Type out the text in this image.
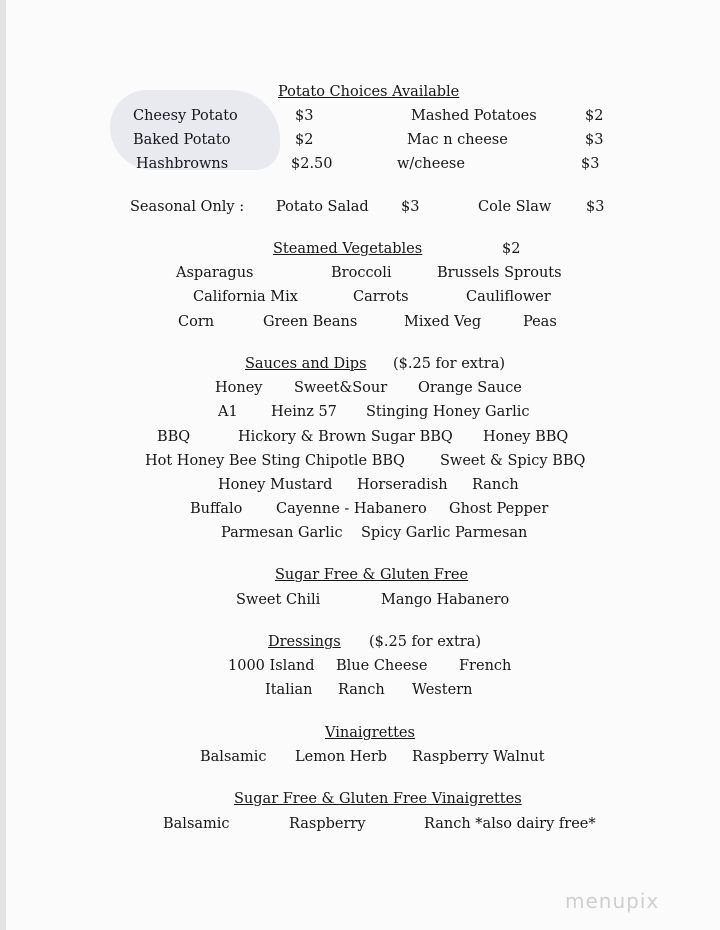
menupix
Potato Choices Available
Cheesy Potato	$3	Mashed Potatoes	$2
Baked Potato	$2	Mac n cheese	$3
Hashbrowns	$2.50	w/cheese	$3
Seasonal Only : Potato Salad $3	Cole Slaw $3
Steamed Vegetables	$2
Asparagus	Broccoli	Brussels Sprouts
California Mix	Carrots	Cauliflower
Corn	Green Beans	Mixed Veg	Peas
Sauces and Dips ($.25 for extra)
Honey Sweet&Sour Orange Sauce
A1 Heinz 57 Stinging Honey Garlic
BBQ	Hickory & Brown Sugar BBQ Honey BBQ
Hot Honey Bee Sting Chipotle BBQ Sweet & Spicy BBQ
Honey Mustard Horseradish Ranch
Buffalo Cayenne - Habanero Ghost Pepper
Parmesan Garlic Spicy Garlic Parmesan
Sugar Free & Gluten Free
Sweet Chili	Mango Habanero
Dressings ($.25 for extra)
1000 Island Blue Cheese French
Italian Ranch Western
Vinaigrettes
Balsamic Lemon Herb Raspberry Walnut
Sugar Free & Gluten Free Vinaigrettes
Balsamic	Raspberry	Ranch *also dairy free*
